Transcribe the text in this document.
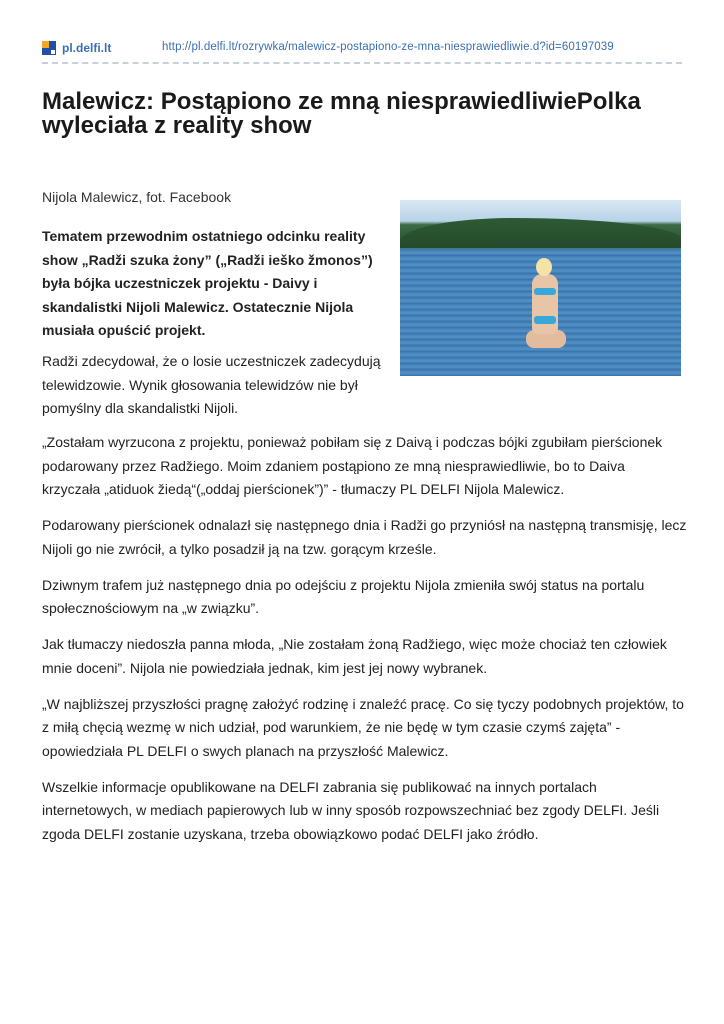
pl.delfi.lt	http://pl.delfi.lt/rozrywka/malewicz-postapiono-ze-mna-niesprawiedliwie.d?id=60197039
Malewicz: Postąpiono ze mną niesprawiedliwiePolka wyleciała z reality show
Nijola Malewicz, fot. Facebook

Tematem przewodnim ostatniego odcinku reality show „Radži szuka żony” („Radži ieško žmonos”) była bójka uczestniczek projektu - Daivy i skandalistki Nijoli Malewicz. Ostatecznie Nijola musiała opuścić projekt.

Radži zdecydował, że o losie uczestniczek zadecydują telewidzowie. Wynik głosowania telewidzów nie był pomyślny dla skandalistki Nijoli.

„Zostałam wyrzucona z projektu, ponieważ pobiłam się z Daivą i podczas bójki zgubiłam pierścionek podarowany przez Radžiego. Moim zdaniem postąpiono ze mną niesprawiedliwie, bo to Daiva krzyczała „atiduok žiedą“(„oddaj pierścionek”)” - tłumaczy PL DELFI Nijola Malewicz.

Podarowany pierścionek odnalazł się następnego dnia i Radži go przyniósł na następną transmisję, lecz Nijoli go nie zwrócił, a tylko posadził ją na tzw. gorącym krześle.

Dziwnym trafem już następnego dnia po odejściu z projektu Nijola zmieniła swój status na portalu społecznościowym na „w związku”.

Jak tłumaczy niedoszła panna młoda, „Nie zostałam żoną Radžiego, więc może chociaż ten człowiek mnie doceni”. Nijola nie powiedziała jednak, kim jest jej nowy wybranek.

„W najbliższej przyszłości pragnę założyć rodzinę i znaleźć pracę. Co się tyczy podobnych projektów, to z miłą chęcią wezmę w nich udział, pod warunkiem, że nie będę w tym czasie czymś zajęta” - opowiedziała PL DELFI o swych planach na przyszłość Malewicz.

Wszelkie informacje opublikowane na DELFI zabrania się publikować na innych portalach internetowych, w mediach papierowych lub w inny sposób rozpowszechniać bez zgody DELFI. Jeśli zgoda DELFI zostanie uzyskana, trzeba obowiązkowo podać DELFI jako źródło.
